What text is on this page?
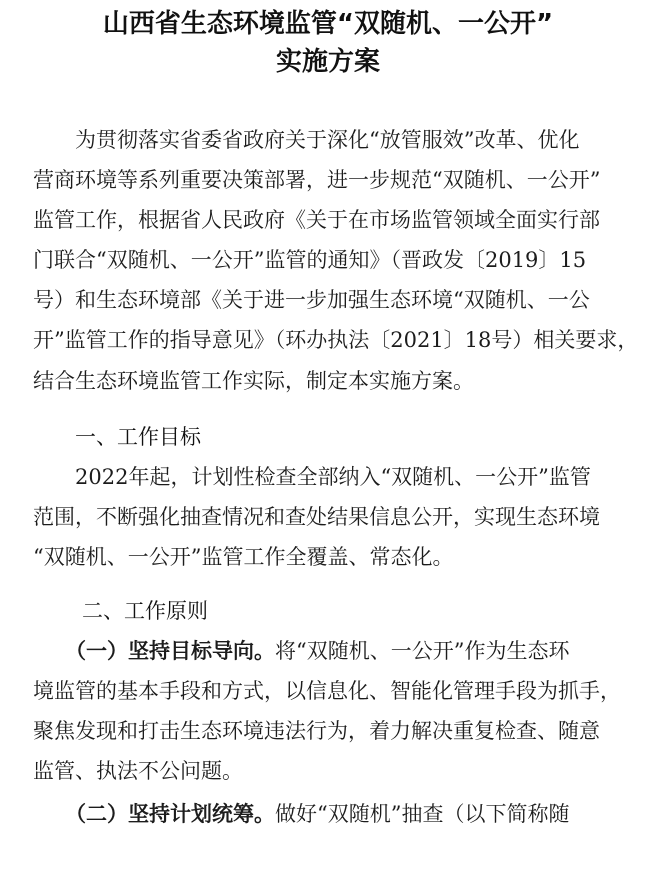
山西省生态环境监管“双随机、一公开”
实施方案
为贯彻落实省委省政府关于深化“放管服效”改革、优化
营商环境等系列重要决策部署，进一步规范“双随机、一公开”
监管工作，根据省人民政府《关于在市场监管领域全面实行部
门联合“双随机、一公开”监管的通知》（晋政发〔2019〕15
号）和生态环境部《关于进一步加强生态环境“双随机、一公
开”监管工作的指导意见》（环办执法〔2021〕18号）相关要求，
结合生态环境监管工作实际，制定本实施方案。
一、工作目标
2022年起，计划性检查全部纳入“双随机、一公开”监管
范围，不断强化抽查情况和查处结果信息公开，实现生态环境
“双随机、一公开”监管工作全覆盖、常态化。
二、工作原则
（一）坚持目标导向。将“双随机、一公开”作为生态环
境监管的基本手段和方式，以信息化、智能化管理手段为抓手，
聚焦发现和打击生态环境违法行为，着力解决重复检查、随意
监管、执法不公问题。
（二）坚持计划统筹。做好“双随机”抽查（以下简称随
